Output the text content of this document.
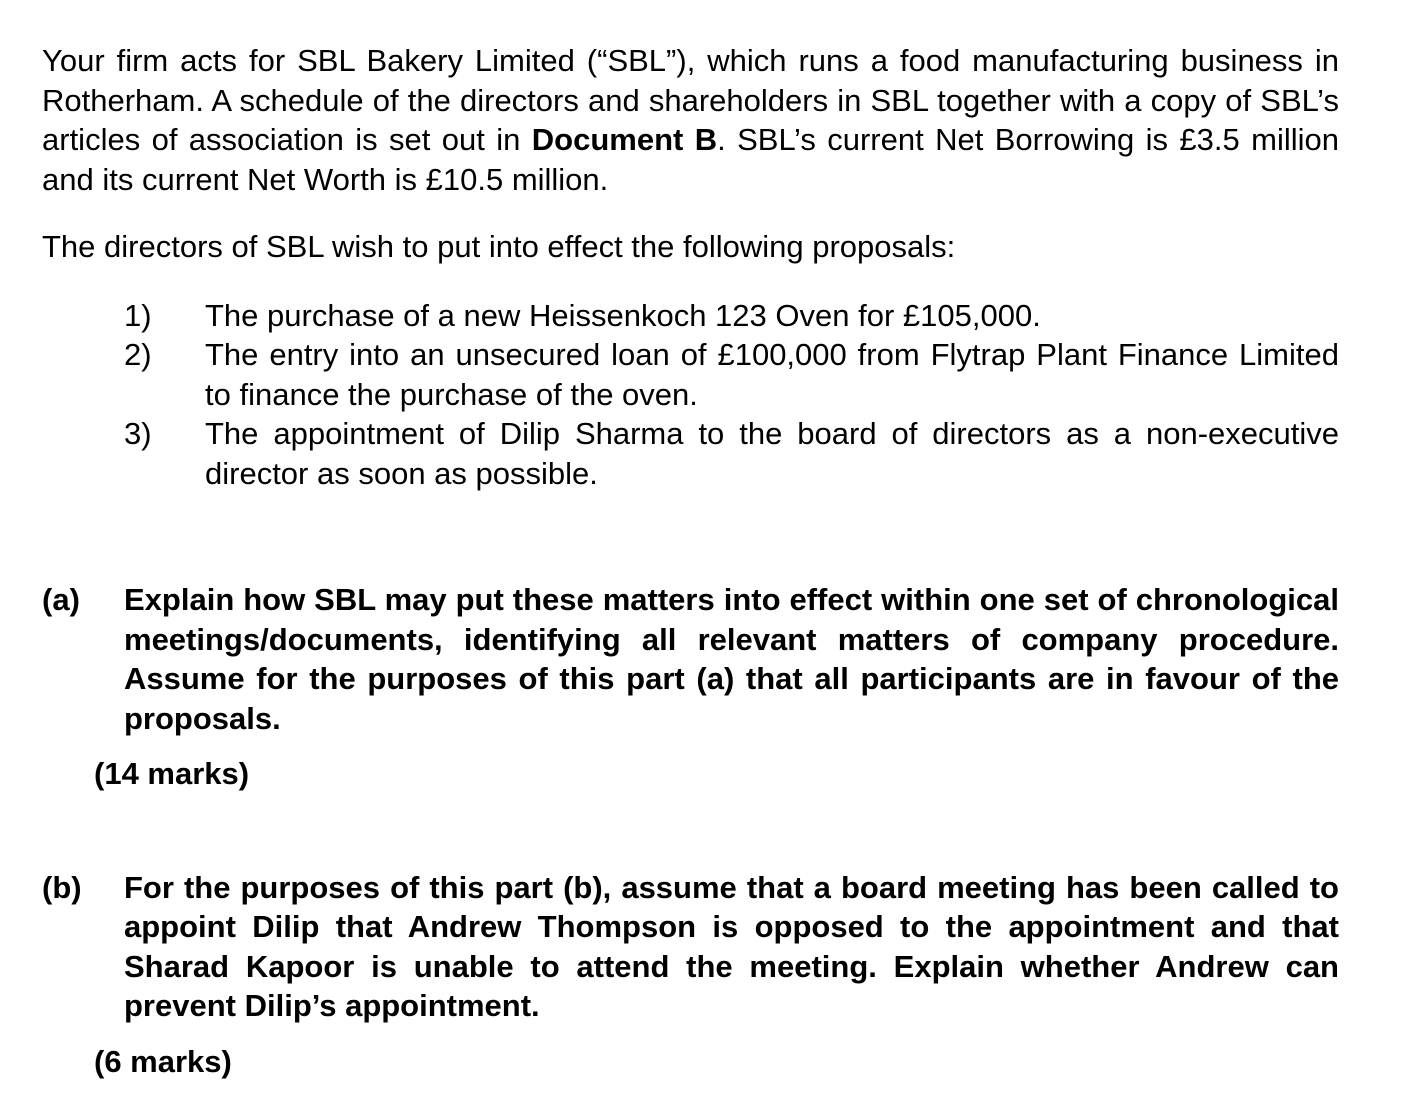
Your firm acts for SBL Bakery Limited (“SBL”), which runs a food manufacturing business in Rotherham. A schedule of the directors and shareholders in SBL together with a copy of SBL’s articles of association is set out in Document B. SBL’s current Net Borrowing is £3.5 million and its current Net Worth is £10.5 million.

The directors of SBL wish to put into effect the following proposals:

1) The purchase of a new Heissenkoch 123 Oven for £105,000.
2) The entry into an unsecured loan of £100,000 from Flytrap Plant Finance Limited to finance the purchase of the oven.
3) The appointment of Dilip Sharma to the board of directors as a non-executive director as soon as possible.
(a) Explain how SBL may put these matters into effect within one set of chronological meetings/documents, identifying all relevant matters of company procedure. Assume for the purposes of this part (a) that all participants are in favour of the proposals.
(14 marks)
(b) For the purposes of this part (b), assume that a board meeting has been called to appoint Dilip that Andrew Thompson is opposed to the appointment and that Sharad Kapoor is unable to attend the meeting. Explain whether Andrew can prevent Dilip’s appointment.
(6 marks)
